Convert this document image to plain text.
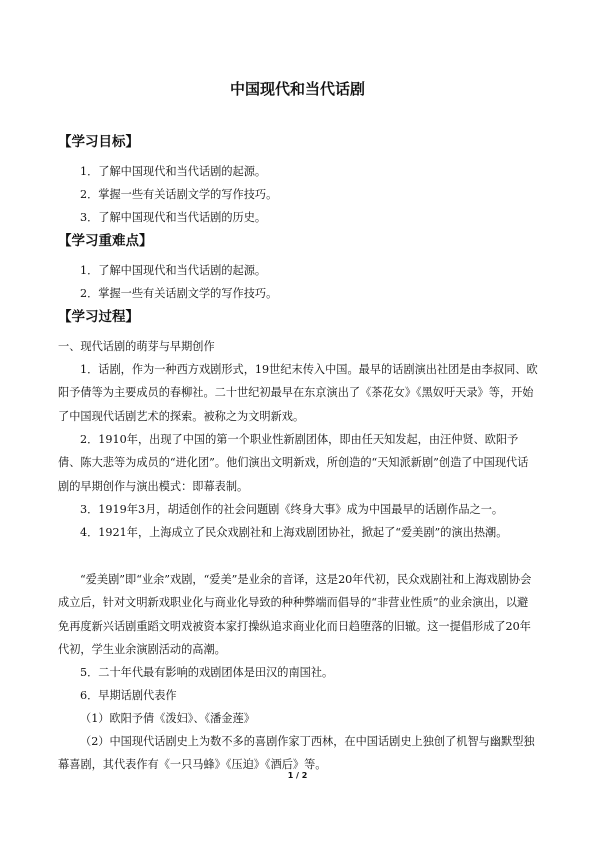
中国现代和当代话剧
【学习目标】
1．了解中国现代和当代话剧的起源。
2．掌握一些有关话剧文学的写作技巧。
3．了解中国现代和当代话剧的历史。
【学习重难点】
1．了解中国现代和当代话剧的起源。
2．掌握一些有关话剧文学的写作技巧。
【学习过程】
一、现代话剧的萌芽与早期创作
1．话剧，作为一种西方戏剧形式，19世纪末传入中国。最早的话剧演出社团是由李叔同、欧阳予倩等为主要成员的春柳社。二十世纪初最早在东京演出了《茶花女》《黑奴吁天录》等，开始了中国现代话剧艺术的探索。被称之为文明新戏。
2．1910年，出现了中国的第一个职业性新剧团体，即由任天知发起，由汪仲贤、欧阳予倩、陈大悲等为成员的“进化团”。他们演出文明新戏，所创造的“天知派新剧”创造了中国现代话剧的早期创作与演出模式：即幕表制。
3．1919年3月，胡适创作的社会问题剧《终身大事》成为中国最早的话剧作品之一。
4．1921年，上海成立了民众戏剧社和上海戏剧团协社，掀起了“爱美剧”的演出热潮。
“爱美剧”即“业余”戏剧，“爱美”是业余的音译，这是20年代初，民众戏剧社和上海戏剧协会成立后，针对文明新戏职业化与商业化导致的种种弊端而倡导的“非营业性质”的业余演出，以避免再度新兴话剧重蹈文明戏被资本家打操纵追求商业化而日趋堕落的旧辙。这一提倡形成了20年代初，学生业余演剧活动的高潮。
5．二十年代最有影响的戏剧团体是田汉的南国社。
6．早期话剧代表作
（1）欧阳予倩《泼妇》、《潘金莲》
（2）中国现代话剧史上为数不多的喜剧作家丁西林，在中国话剧史上独创了机智与幽默型独幕喜剧，其代表作有《一只马蜂》《压迫》《酒后》等。
1 / 2
